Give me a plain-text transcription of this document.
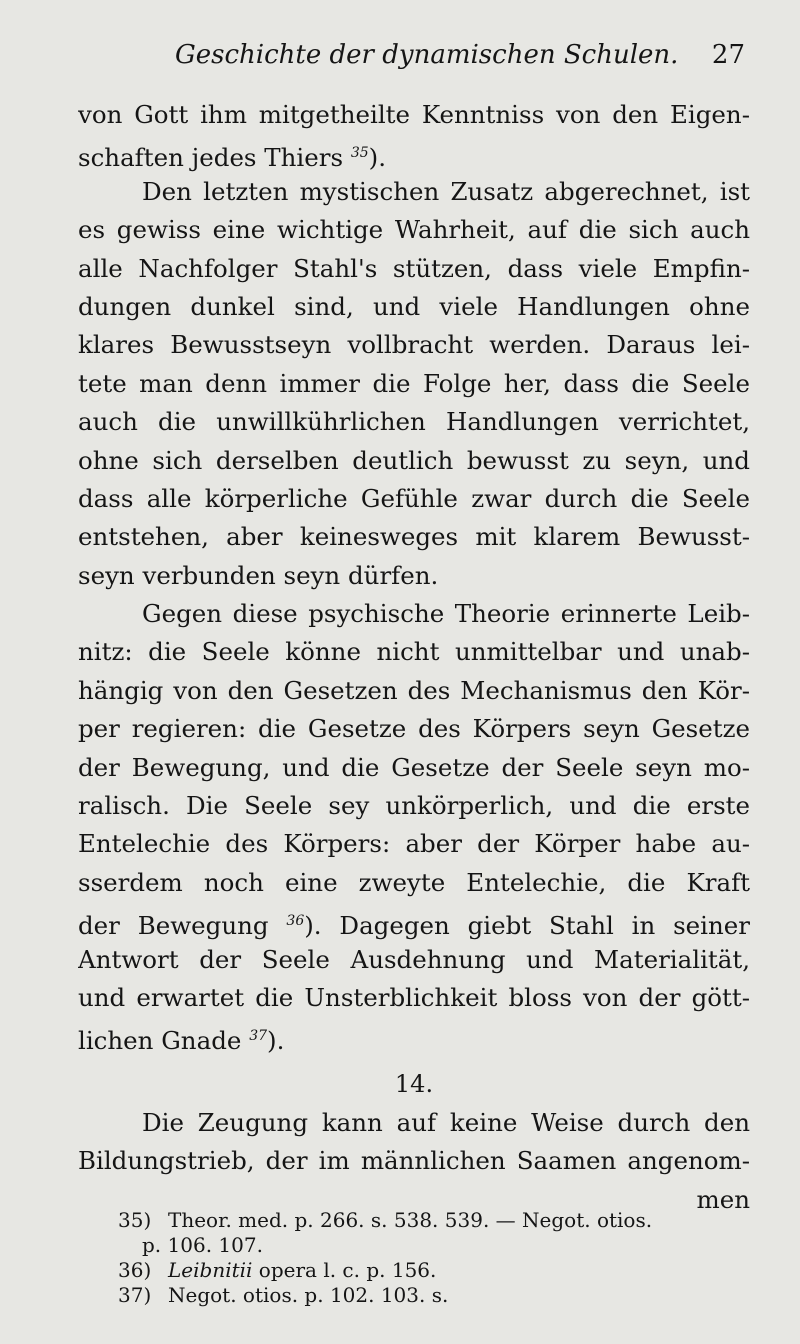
Geschichte der dynamischen Schulen. 27
von Gott ihm mitgetheilte Kenntniss von den Eigen-
schaften jedes Thiers $^{35}$).
Den letzten mystischen Zusatz abgerechnet, ist
es gewiss eine wichtige Wahrheit, auf die sich auch
alle Nachfolger Stahl's stützen, dass viele Empfin-
dungen dunkel sind, und viele Handlungen ohne
klares Bewusstseyn vollbracht werden. Daraus lei-
tete man denn immer die Folge her, dass die Seele
auch die unwillkührlichen Handlungen verrichtet,
ohne sich derselben deutlich bewusst zu seyn, und
dass alle körperliche Gefühle zwar durch die Seele
entstehen, aber keinesweges mit klarem Bewusst-
seyn verbunden seyn dürfen.
Gegen diese psychische Theorie erinnerte Leib-
nitz: die Seele könne nicht unmittelbar und unab-
hängig von den Gesetzen des Mechanismus den Kör-
per regieren: die Gesetze des Körpers seyn Gesetze
der Bewegung, und die Gesetze der Seele seyn mo-
ralisch. Die Seele sey unkörperlich, und die erste
Entelechie des Körpers: aber der Körper habe au-
sserdem noch eine zweyte Entelechie, die Kraft
der Bewegung $^{36}$). Dagegen giebt Stahl in seiner
Antwort der Seele Ausdehnung und Materialität,
und erwartet die Unsterblichkeit bloss von der gött-
lichen Gnade $^{37}$).
14.
Die Zeugung kann auf keine Weise durch den
Bildungstrieb, der im männlichen Saamen angenom-
men
35) Theor. med. p. 266. s. 538. 539. — Negot. otios.
p. 106. 107.
36) Leibnitii opera l. c. p. 156.
37) Negot. otios. p. 102. 103. s.
